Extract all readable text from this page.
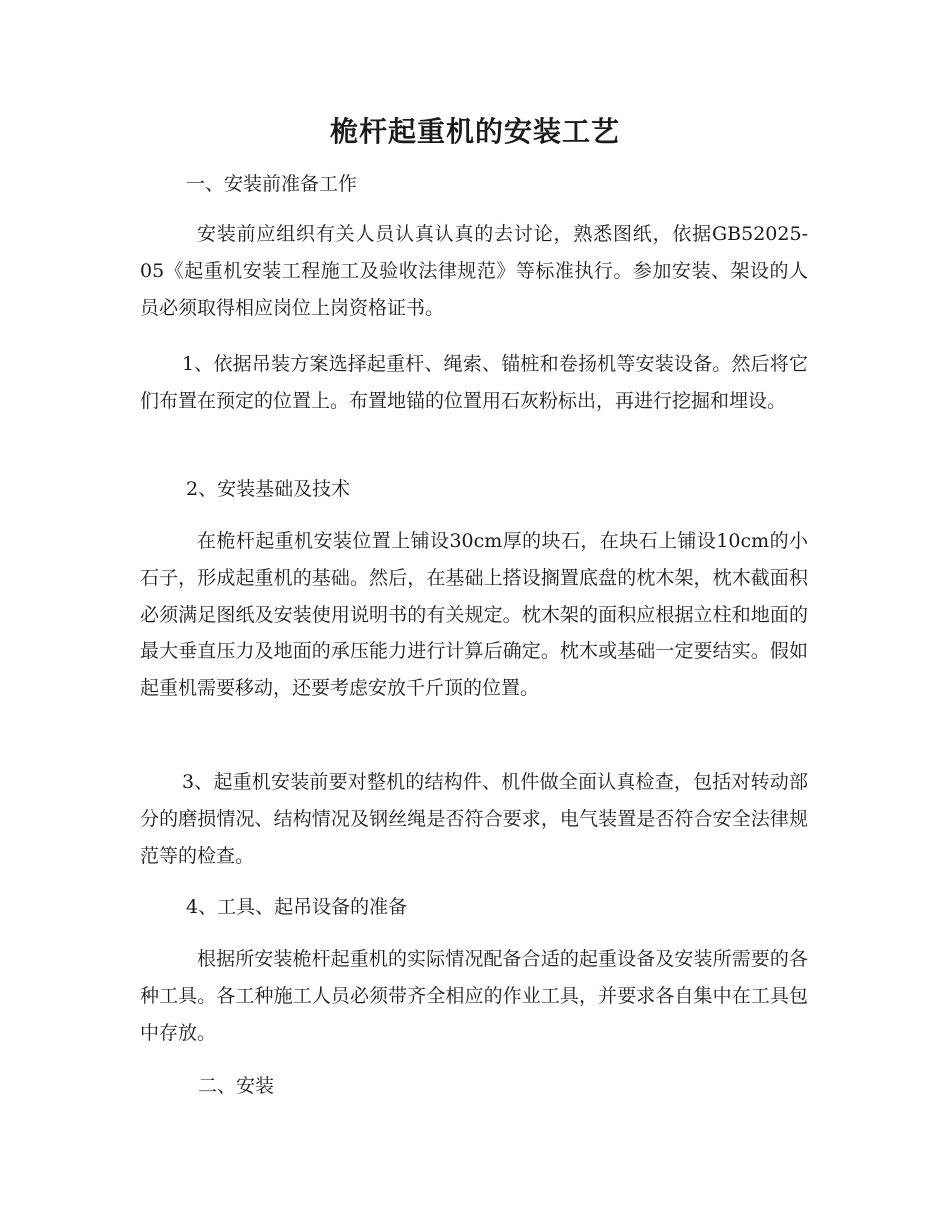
桅杆起重机的安装工艺
一、安装前准备工作
安装前应组织有关人员认真认真的去讨论，熟悉图纸，依据GB52025-05《起重机安装工程施工及验收法律规范》等标准执行。参加安装、架设的人员必须取得相应岗位上岗资格证书。
1、依据吊装方案选择起重杆、绳索、锚桩和卷扬机等安装设备。然后将它们布置在预定的位置上。布置地锚的位置用石灰粉标出，再进行挖掘和埋设。
2、安装基础及技术
在桅杆起重机安装位置上铺设30cm厚的块石，在块石上铺设10cm的小石子，形成起重机的基础。然后，在基础上搭设搁置底盘的枕木架，枕木截面积必须满足图纸及安装使用说明书的有关规定。枕木架的面积应根据立柱和地面的最大垂直压力及地面的承压能力进行计算后确定。枕木或基础一定要结实。假如起重机需要移动，还要考虑安放千斤顶的位置。
3、起重机安装前要对整机的结构件、机件做全面认真检查，包括对转动部分的磨损情况、结构情况及钢丝绳是否符合要求，电气装置是否符合安全法律规范等的检查。
4、工具、起吊设备的准备
根据所安装桅杆起重机的实际情况配备合适的起重设备及安装所需要的各种工具。各工种施工人员必须带齐全相应的作业工具，并要求各自集中在工具包中存放。
二、安装
